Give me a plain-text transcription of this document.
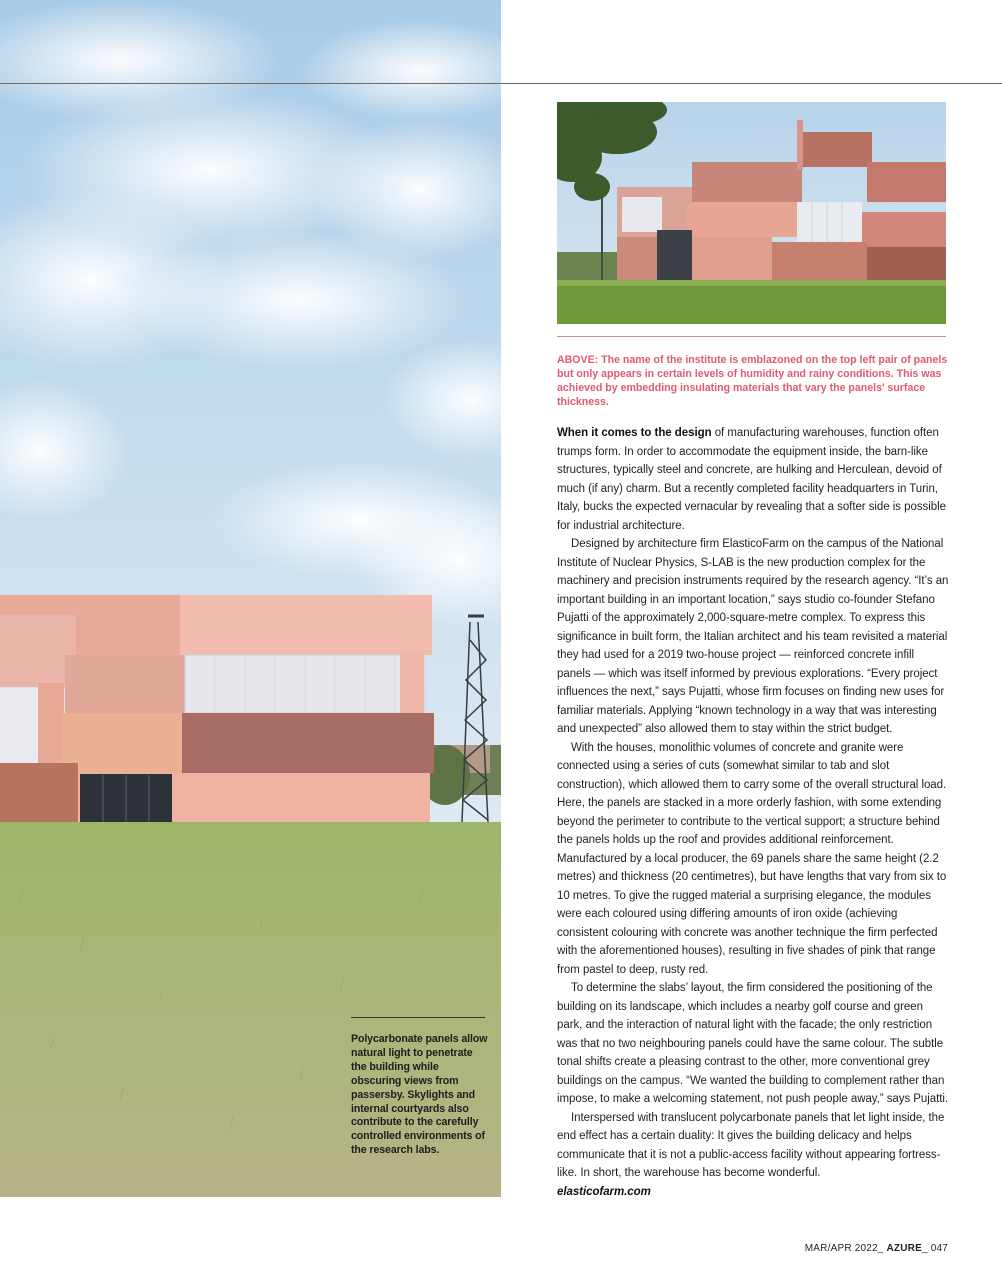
Polycarbonate panels allow natural light to penetrate the building while obscuring views from passersby. Skylights and internal courtyards also contribute to the carefully controlled environments of the research labs.
ABOVE: The name of the institute is emblazoned on the top left pair of panels but only appears in certain levels of humidity and rainy conditions. This was achieved by embedding insulating materials that vary the panels' surface thickness.

When it comes to the design of manufacturing warehouses, function often trumps form. In order to accommodate the equipment inside, the barn-like structures, typically steel and concrete, are hulking and Herculean, devoid of much (if any) charm. But a recently completed facility headquarters in Turin, Italy, bucks the expected vernacular by revealing that a softer side is possible for industrial architecture.

Designed by architecture firm ElasticoFarm on the campus of the National Institute of Nuclear Physics, S-LAB is the new production complex for the machinery and precision instruments required by the research agency. “It’s an important building in an important location,” says studio co-founder Stefano Pujatti of the approximately 2,000-square-metre complex. To express this significance in built form, the Italian architect and his team revisited a material they had used for a 2019 two-house project — reinforced concrete infill panels — which was itself informed by previous explorations. “Every project influences the next,” says Pujatti, whose firm focuses on finding new uses for familiar materials. Applying “known technology in a way that was interesting and unexpected” also allowed them to stay within the strict budget.

With the houses, monolithic volumes of concrete and granite were connected using a series of cuts (somewhat similar to tab and slot construction), which allowed them to carry some of the overall structural load. Here, the panels are stacked in a more orderly fashion, with some extending beyond the perimeter to contribute to the vertical support; a structure behind the panels holds up the roof and provides additional reinforcement. Manufactured by a local producer, the 69 panels share the same height (2.2 metres) and thickness (20 centimetres), but have lengths that vary from six to 10 metres. To give the rugged material a surprising elegance, the modules were each coloured using differing amounts of iron oxide (achieving consistent colouring with concrete was another technique the firm perfected with the aforementioned houses), resulting in five shades of pink that range from pastel to deep, rusty red.

To determine the slabs’ layout, the firm considered the positioning of the building on its landscape, which includes a nearby golf course and green park, and the interaction of natural light with the facade; the only restriction was that no two neighbouring panels could have the same colour. The subtle tonal shifts create a pleasing contrast to the other, more conventional grey buildings on the campus. “We wanted the building to complement rather than impose, to make a welcoming statement, not push people away,” says Pujatti.

Interspersed with translucent polycarbonate panels that let light inside, the end effect has a certain duality: It gives the building delicacy and helps communicate that it is not a public-access facility without appearing fortress-like. In short, the warehouse has become wonderful.

elasticofarm.com
MAR/APR 2022_ AZURE_ 047
